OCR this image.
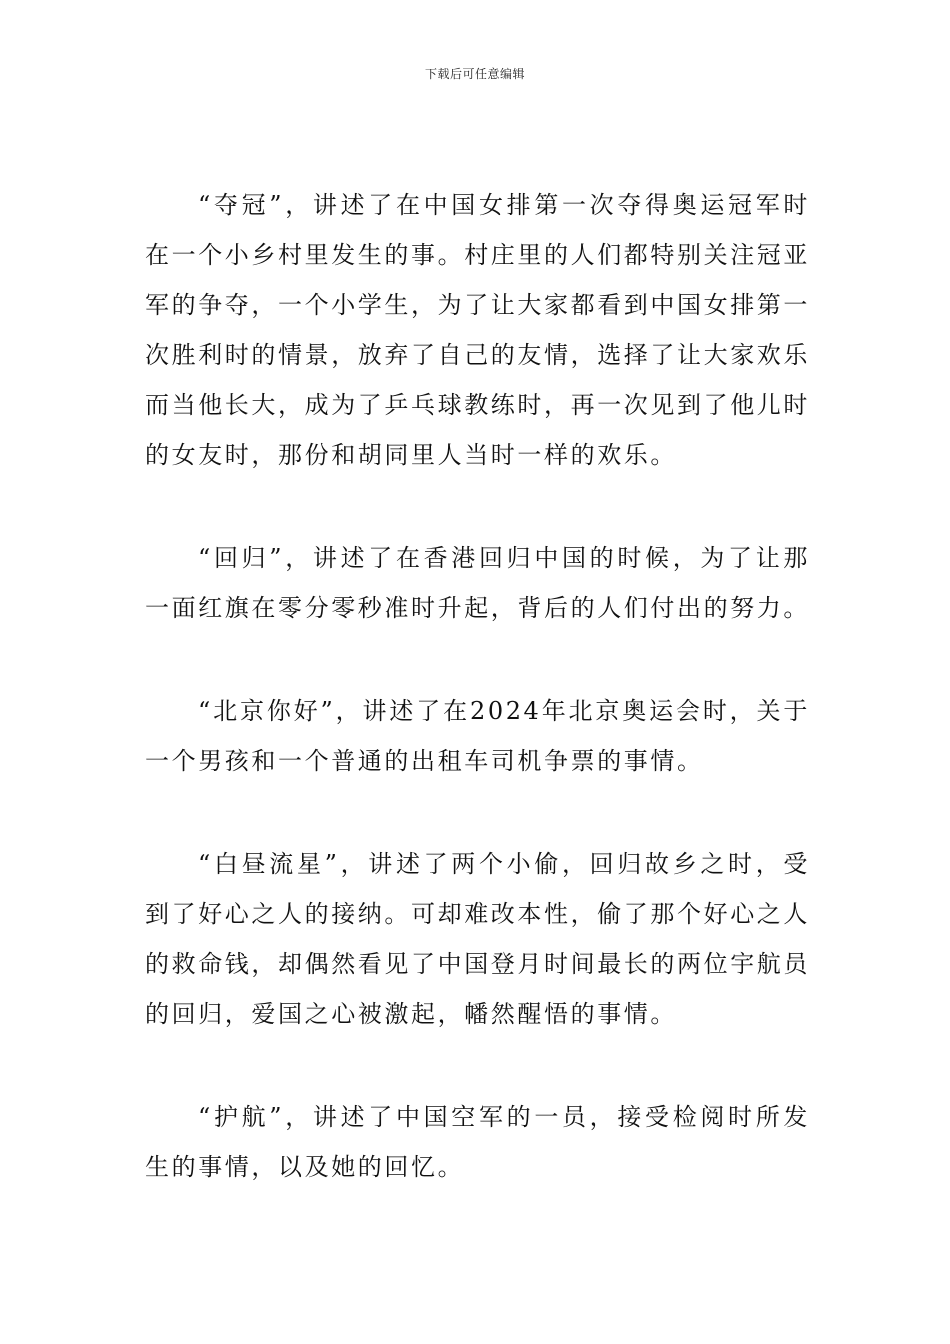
下载后可任意编辑

“夺冠”，讲述了在中国女排第一次夺得奥运冠军时在一个小乡村里发生的事。村庄里的人们都特别关注冠亚军的争夺，一个小学生，为了让大家都看到中国女排第一次胜利时的情景，放弃了自己的友情，选择了让大家欢乐而当他长大，成为了乒乓球教练时，再一次见到了他儿时的女友时，那份和胡同里人当时一样的欢乐。

“回归”，讲述了在香港回归中国的时候，为了让那一面红旗在零分零秒准时升起，背后的人们付出的努力。

“北京你好”，讲述了在2024年北京奥运会时，关于一个男孩和一个普通的出租车司机争票的事情。

“白昼流星”，讲述了两个小偷，回归故乡之时，受到了好心之人的接纳。可却难改本性，偷了那个好心之人的救命钱，却偶然看见了中国登月时间最长的两位宇航员的回归，爱国之心被激起，幡然醒悟的事情。

“护航”，讲述了中国空军的一员，接受检阅时所发生的事情，以及她的回忆。
